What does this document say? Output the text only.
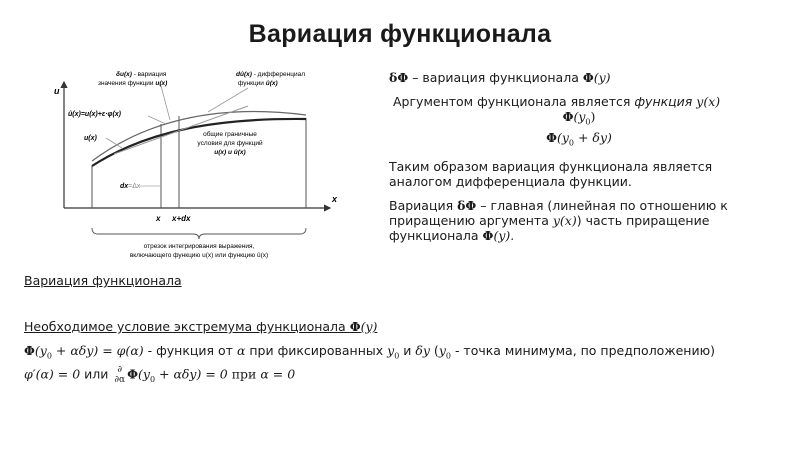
Вариация функционала
u
x
δu(x) - вариация
значения функции u(x)
dû(x) - дифференциал
функции û(x)
û(x)=u(x)+ε·φ(x)
u(x)
общие граничные
условия для функций
u(x) и û(x)
dx=Δx
x x+dx
отрезок интегрирования выражения,
включающего функцию u(x) или функцию û(x)
δΦ – вариация функционала Φ(y)
Аргументом функционала является функция y(x)
$\Phi(y_0)$
$\Phi(y_0 + \delta y)$
Таким образом вариация функционала является
аналогом дифференциала функции.
Вариация δΦ – главная (линейная по отношению к
приращению аргумента y(x)) часть приращение
функционала Φ(y).
Вариация функционала
Необходимое условие экстремума функционала Φ(y)
$\Phi(y_0 + \alpha\delta y) = \varphi(\alpha)$ - функция от α при фиксированных $y_0$ и δy ($y_0$ - точка минимума, по предположению)
φ′(α) = 0 или ∂
∂α $\Phi(y_0 + \alpha\delta y) = 0$ при α = 0
